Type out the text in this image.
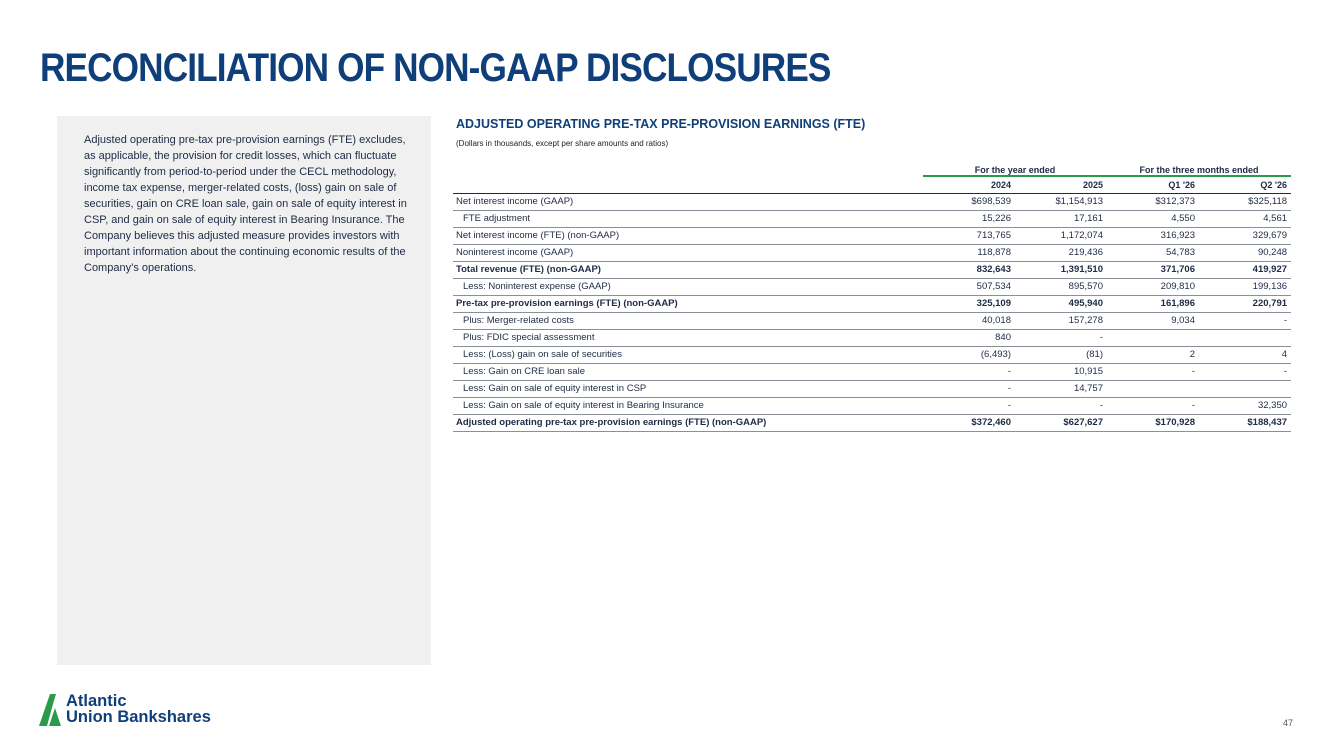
RECONCILIATION OF NON-GAAP DISCLOSURES

Adjusted operating pre-tax pre-provision earnings (FTE) excludes, as applicable, the provision for credit losses, which can fluctuate significantly from period-to-period under the CECL methodology, income tax expense, merger-related costs, (loss) gain on sale of securities, gain on CRE loan sale, gain on sale of equity interest in CSP, and gain on sale of equity interest in Bearing Insurance. The Company believes this adjusted measure provides investors with important information about the continuing economic results of the Company’s operations.

ADJUSTED OPERATING PRE-TAX PRE-PROVISION EARNINGS (FTE)
(Dollars in thousands, except per share amounts and ratios)
	For the year ended		For the three months ended	
	2024	2025	Q1 '26	Q2 '26
Net interest income (GAAP)	$698,539	$1,154,913	$312,373	$325,118
FTE adjustment	15,226	17,161	4,550	4,561
Net interest income (FTE) (non-GAAP)	713,765	1,172,074	316,923	329,679
Noninterest income (GAAP)	118,878	219,436	54,783	90,248
Total revenue (FTE) (non-GAAP)	832,643	1,391,510	371,706	419,927
Less: Noninterest expense (GAAP)	507,534	895,570	209,810	199,136
Pre-tax pre-provision earnings (FTE) (non-GAAP)	325,109	495,940	161,896	220,791
Plus: Merger-related costs	40,018	157,278	9,034	-
Plus: FDIC special assessment	840	-		
Less: (Loss) gain on sale of securities	(6,493)	(81)	2	4
Less: Gain on CRE loan sale	-	10,915	-	-
Less: Gain on sale of equity interest in CSP	-	14,757		
Less: Gain on sale of equity interest in Bearing Insurance	-	-	-	32,350
Adjusted operating pre-tax pre-provision earnings (FTE) (non-GAAP)	$372,460	$627,627	$170,928	$188,437
Atlantic
Union Bankshares	47
